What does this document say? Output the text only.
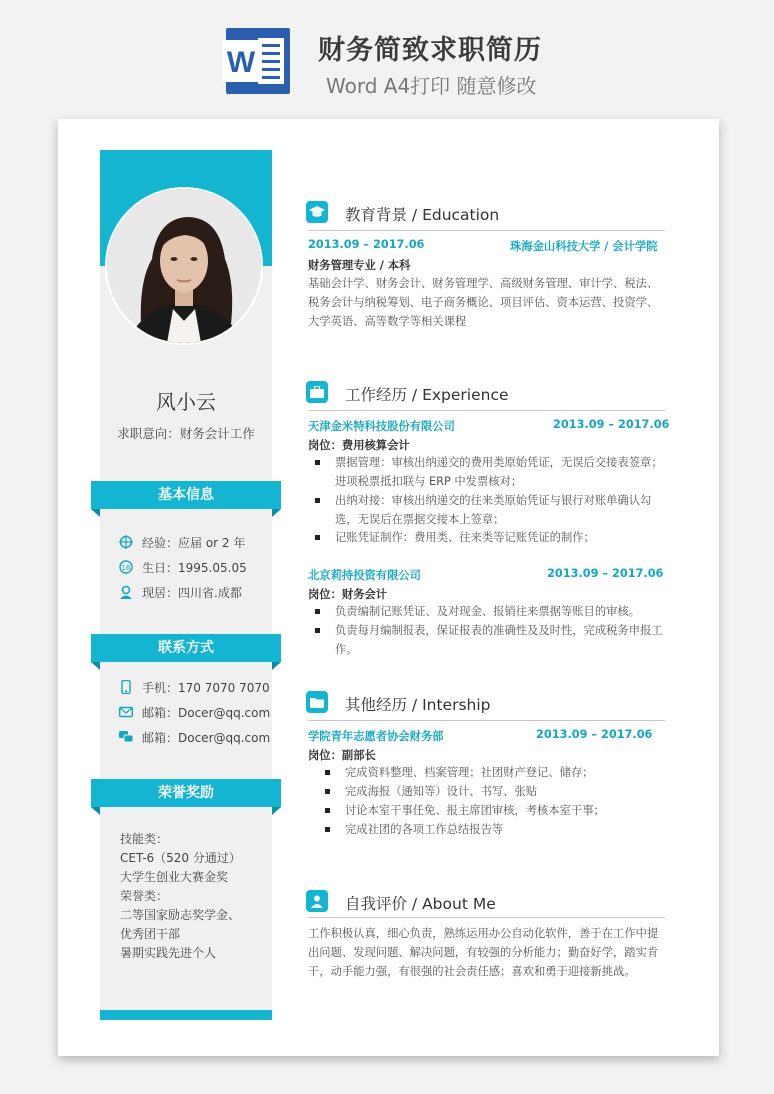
W 财务简致求职简历
Word A4打印 随意修改
风小云
求职意向：财务会计工作
基本信息
经验：应届 or 2 年
16 生日：1995.05.05
现居：四川省.成都
联系方式
手机：170 7070 7070
邮箱：Docer@qq.com
邮箱：Docer@qq.com
荣誉奖励
技能类：
CET-6（520 分通过）
大学生创业大赛金奖
荣誉类：
二等国家励志奖学金、
优秀团干部
暑期实践先进个人
教育背景 / Education
2013.09 – 2017.06	珠海金山科技大学 / 会计学院
财务管理专业 / 本科
基础会计学、财务会计、财务管理学、高级财务管理、审计学、税法、税务会计与纳税筹划、电子商务概论、项目评估、资本运营、投资学、大学英语、高等数学等相关课程
工作经历 / Experience
天津金米特科技股份有限公司	2013.09 – 2017.06
岗位：费用核算会计
票据管理：审核出纳递交的费用类原始凭证，无误后交接表签章；进项税票抵扣联与 ERP 中发票核对；
出纳对接：审核出纳递交的往来类原始凭证与银行对账单确认勾选，无误后在票据交接本上签章；
记账凭证制作：费用类、往来类等记账凭证的制作；
北京莉持投资有限公司	2013.09 – 2017.06
岗位：财务会计
负责编制记账凭证、及对现金、报销往来票据等账目的审核。
负责每月编制报表，保证报表的准确性及及时性，完成税务申报工作。
其他经历 / Intership
学院青年志愿者协会财务部	2013.09 – 2017.06
岗位：副部长
完成资料整理、档案管理；社团财产登记、储存；
完成海报（通知等）设计、书写、张贴
讨论本室干事任免、报主席团审核，考核本室干事；
完成社团的各项工作总结报告等
自我评价 / About Me
工作积极认真，细心负责，熟练运用办公自动化软件，善于在工作中提出问题、发现问题、解决问题，有较强的分析能力；勤奋好学，踏实肯干，动手能力强，有很强的社会责任感；喜欢和勇于迎接新挑战。
